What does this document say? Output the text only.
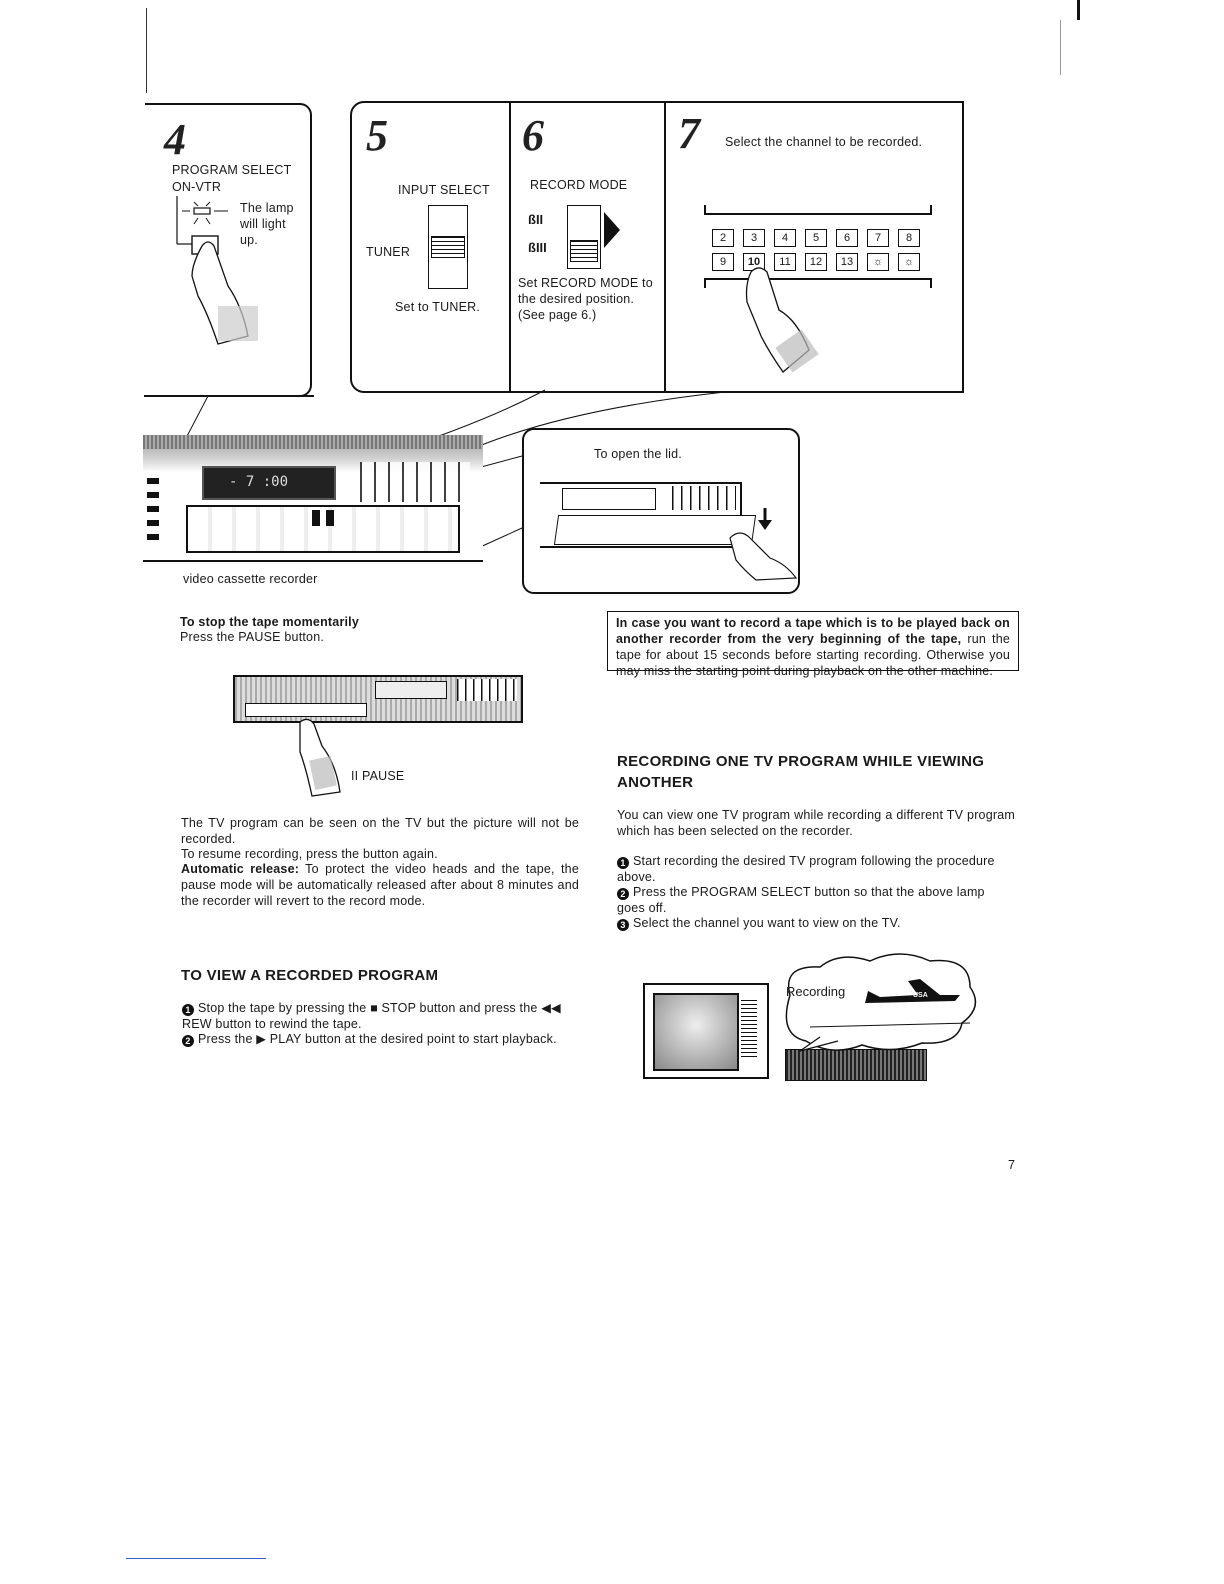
4
PROGRAM SELECT
ON-VTR
The lamp
will light
up.
5
INPUT SELECT
TUNER
Set to TUNER.
6
RECORD MODE
ßII
ßIII
Set RECORD MODE to
the desired position.
(See page 6.)
7 Select the channel to be recorded.
2	3	4	5	6	7	8
9	10	11	12	13	☼	☼
- 7 :00
video cassette recorder
To open the lid.
To stop the tape momentarily
Press the PAUSE button.
II PAUSE
The TV program can be seen on the TV but the picture will not be recorded.
To resume recording, press the button again.
Automatic release: To protect the video heads and the tape, the pause mode will be automatically released after about 8 minutes and the recorder will revert to the record mode.
TO VIEW A RECORDED PROGRAM
1 Stop the tape by pressing the ■ STOP button and press the ◀◀ REW button to rewind the tape.
2 Press the ▶ PLAY button at the desired point to start playback.
In case you want to record a tape which is to be played back on another recorder from the very beginning of the tape, run the tape for about 15 seconds before starting recording. Otherwise you may miss the starting point during playback on the other machine.
RECORDING ONE TV PROGRAM WHILE VIEWING
ANOTHER
You can view one TV program while recording a different TV program which has been selected on the recorder.
1 Start recording the desired TV program following the procedure above.
2 Press the PROGRAM SELECT button so that the above lamp goes off.
3 Select the channel you want to view on the TV.
Recording	USA
7
